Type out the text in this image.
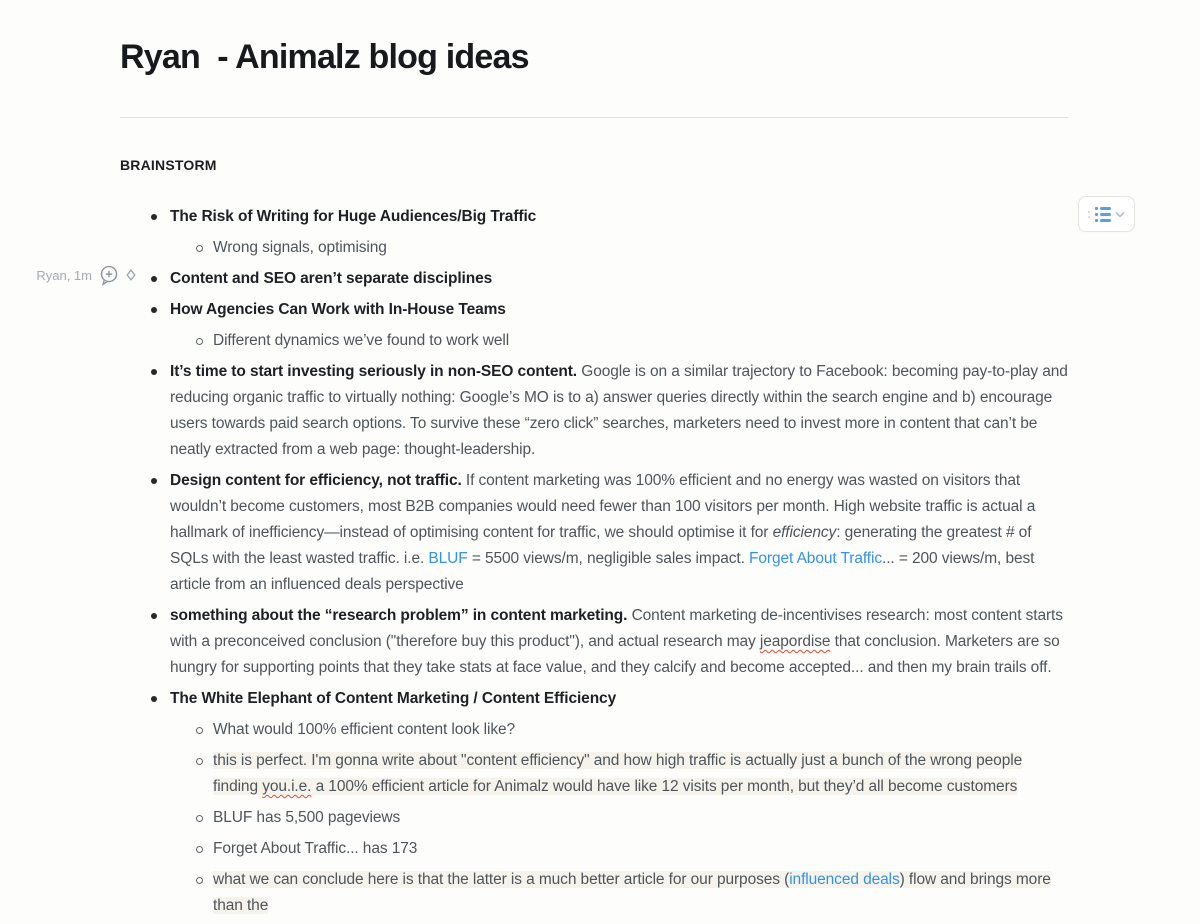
Ryan, 1m
Ryan  - Animalz blog ideas
BRAINSTORM
The Risk of Writing for Huge Audiences/Big Traffic
Wrong signals, optimising
Content and SEO aren’t separate disciplines
How Agencies Can Work with In-House Teams
Different dynamics we’ve found to work well
It’s time to start investing seriously in non-SEO content. Google is on a similar trajectory to Facebook: becoming pay-to-play and reducing organic traffic to virtually nothing: Google’s MO is to a) answer queries directly within the search engine and b) encourage users towards paid search options. To survive these “zero click” searches, marketers need to invest more in content that can’t be neatly extracted from a web page: thought-leadership.
Design content for efficiency, not traffic. If content marketing was 100% efficient and no energy was wasted on visitors that wouldn’t become customers, most B2B companies would need fewer than 100 visitors per month. High website traffic is actual a hallmark of inefficiency—instead of optimising content for traffic, we should optimise it for efficiency: generating the greatest # of SQLs with the least wasted traffic. i.e. BLUF = 5500 views/m, negligible sales impact. Forget About Traffic... = 200 views/m, best article from an influenced deals perspective
something about the “research problem” in content marketing. Content marketing de-incentivises research: most content starts with a preconceived conclusion ("therefore buy this product"), and actual research may jeapordise that conclusion. Marketers are so hungry for supporting points that they take stats at face value, and they calcify and become accepted... and then my brain trails off.
The White Elephant of Content Marketing / Content Efficiency
What would 100% efficient content look like?
this is perfect. I'm gonna write about "content efficiency" and how high traffic is actually just a bunch of the wrong people finding you.i.e. a 100% efficient article for Animalz would have like 12 visits per month, but they’d all become customers
BLUF has 5,500 pageviews
Forget About Traffic... has 173
what we can conclude here is that the latter is a much better article for our purposes (influenced deals) flow and brings more than the
